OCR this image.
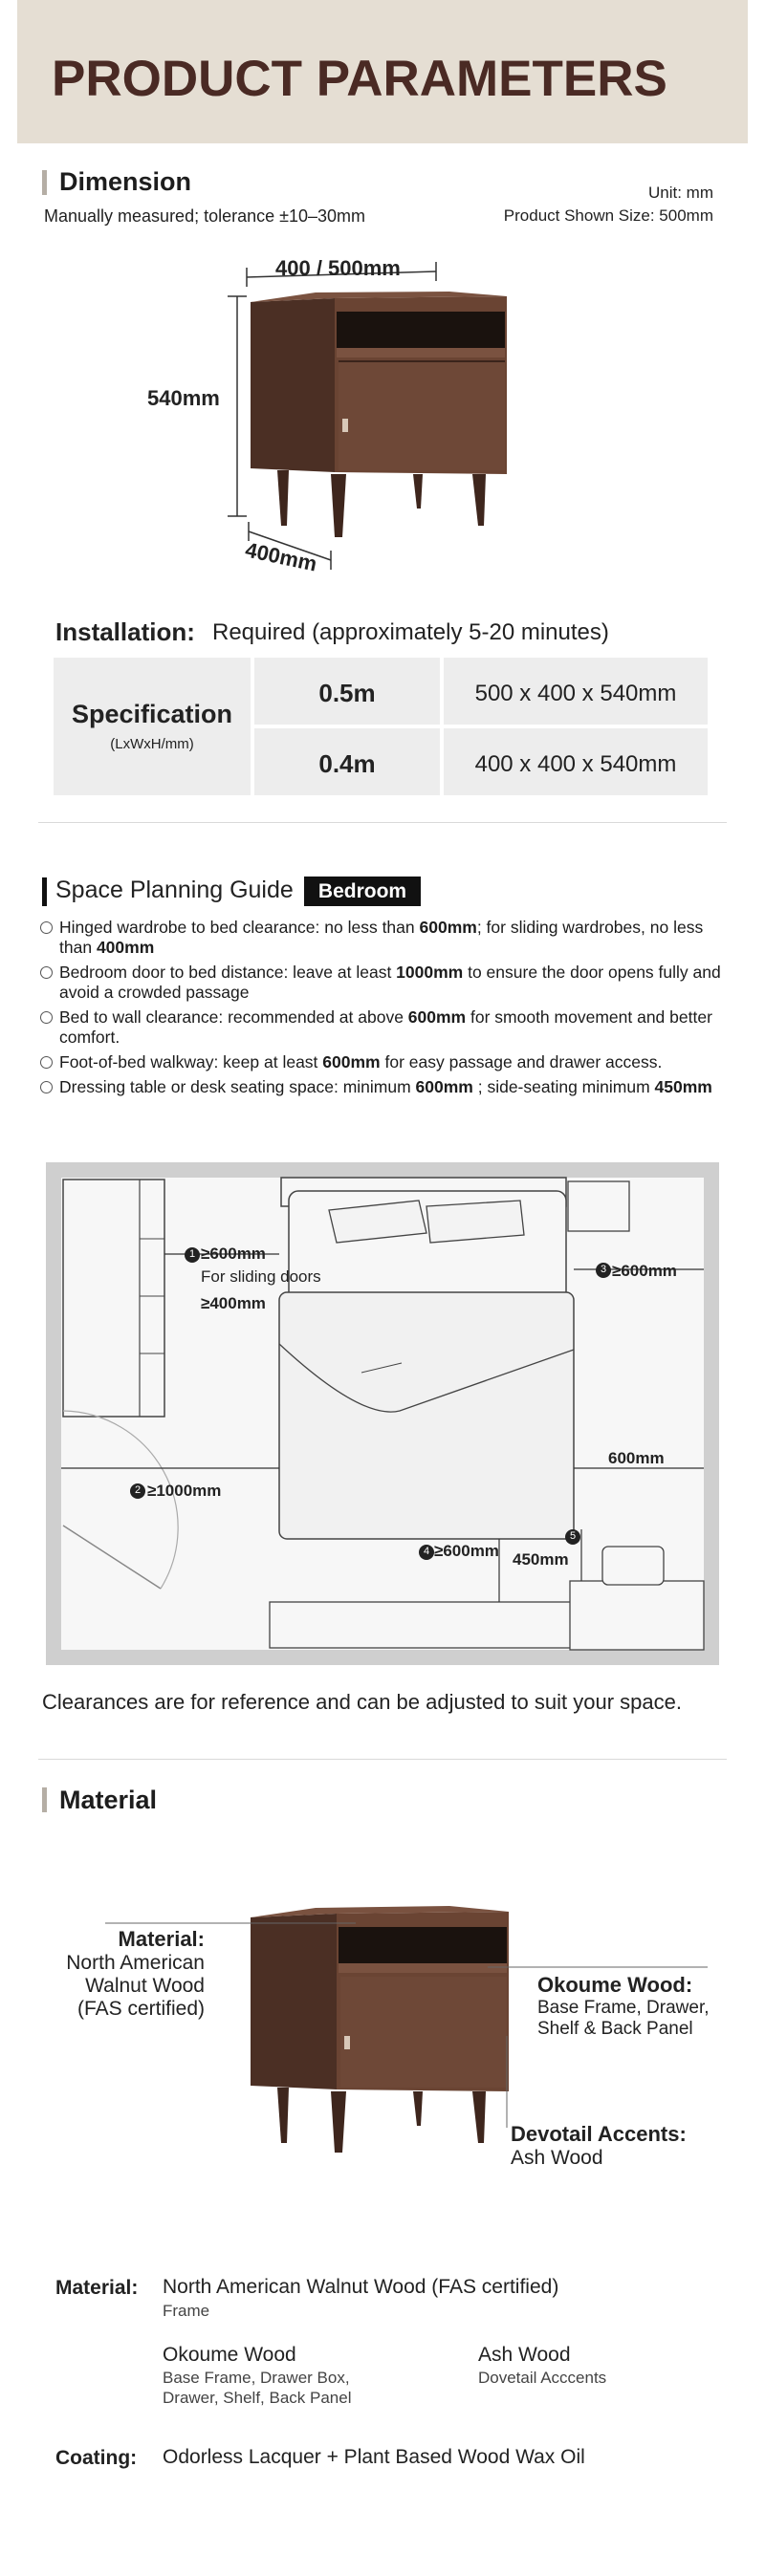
PRODUCT PARAMETERS
Dimension
Manually measured; tolerance ±10–30mm
Unit: mm
Product Shown Size: 500mm
400 / 500mm
540mm
400mm
Installation: Required (approximately 5-20 minutes)
Specification
(LxWxH/mm)
0.5m	500 x 400 x 540mm
0.4m	400 x 400 x 540mm
Space Planning Guide	Bedroom
Hinged wardrobe to bed clearance: no less than 600mm; for sliding wardrobes, no less than 400mm
Bedroom door to bed distance: leave at least 1000mm to ensure the door opens fully and avoid a crowded passage
Bed to wall clearance: recommended at above 600mm for smooth movement and better comfort.
Foot-of-bed walkway: keep at least 600mm for easy passage and drawer access.
Dressing table or desk seating space: minimum 600mm ; side-seating minimum 450mm
1
2
3
4
5
≥600mm
For sliding doors
≥400mm
≥1000mm
≥600mm
600mm
≥600mm 450mm
Clearances are for reference and can be adjusted to suit your space.
Material
Material:
North American
Walnut Wood
(FAS certified)
Okoume Wood:
Base Frame, Drawer,
Shelf & Back Panel
Devotail Accents:
Ash Wood
Material: North American Walnut Wood (FAS certified)
Frame
Okoume Wood
Base Frame, Drawer Box,
Drawer, Shelf, Back Panel
Ash Wood
Dovetail Acccents
Coating: Odorless Lacquer + Plant Based Wood Wax Oil
